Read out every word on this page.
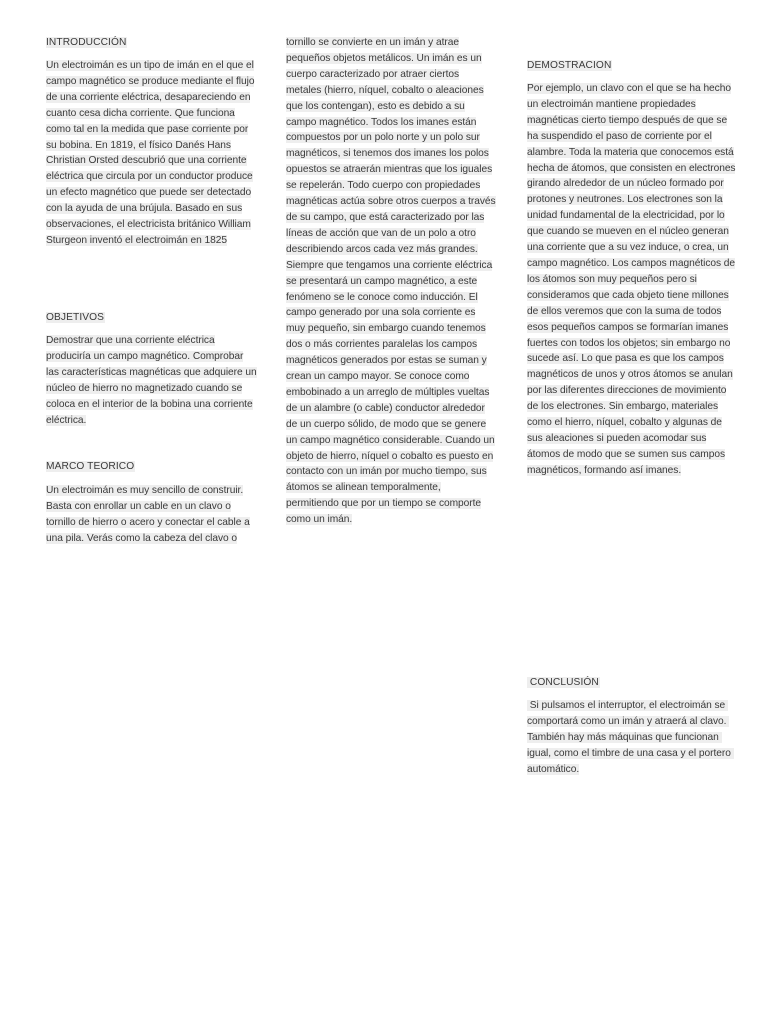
INTRODUCCIÓN

Un electroimán es un tipo de imán en el que el campo magnético se produce mediante el flujo de una corriente eléctrica, desapareciendo en cuanto cesa dicha corriente. Que funciona como tal en la medida que pase corriente por su bobina. En 1819, el físico Danés Hans Christian Orsted descubrió que una corriente eléctrica que circula por un conductor produce un efecto magnético que puede ser detectado con la ayuda de una brújula. Basado en sus observaciones, el electricista británico William Sturgeon inventó el electroimán en 1825

OBJETIVOS

Demostrar que una corriente eléctrica produciría un campo magnético. Comprobar las características magnéticas que adquiere un núcleo de hierro no magnetizado cuando se coloca en el interior de la bobina una corriente eléctrica.

MARCO TEORICO

Un electroimán es muy sencillo de construir. Basta con enrollar un cable en un clavo o tornillo de hierro o acero y conectar el cable a una pila. Verás como la cabeza del clavo o

tornillo se convierte en un imán y atrae pequeños objetos metálicos. Un imán es un cuerpo caracterizado por atraer ciertos metales (hierro, níquel, cobalto o aleaciones que los contengan), esto es debido a su campo magnético. Todos los imanes están compuestos por un polo norte y un polo sur magnéticos, si tenemos dos imanes los polos opuestos se atraerán mientras que los iguales se repelerán. Todo cuerpo con propiedades magnéticas actúa sobre otros cuerpos a través de su campo, que está caracterizado por las líneas de acción que van de un polo a otro describiendo arcos cada vez más grandes. Siempre que tengamos una corriente eléctrica se presentará un campo magnético, a este fenómeno se le conoce como inducción. El campo generado por una sola corriente es muy pequeño, sin embargo cuando tenemos dos o más corrientes paralelas los campos magnéticos generados por estas se suman y crean un campo mayor. Se conoce como embobinado a un arreglo de múltiples vueltas de un alambre (o cable) conductor alrededor de un cuerpo sólido, de modo que se genere un campo magnético considerable. Cuando un objeto de hierro, níquel o cobalto es puesto en contacto con un imán por mucho tiempo, sus átomos se alinean temporalmente, permitiendo que por un tiempo se comporte como un imán.

DEMOSTRACION

Por ejemplo, un clavo con el que se ha hecho un electroimán mantiene propiedades magnéticas cierto tiempo después de que se ha suspendido el paso de corriente por el alambre. Toda la materia que conocemos está hecha de átomos, que consisten en electrones girando alrededor de un núcleo formado por protones y neutrones. Los electrones son la unidad fundamental de la electricidad, por lo que cuando se mueven en el núcleo generan una corriente que a su vez induce, o crea, un campo magnético. Los campos magnéticos de los átomos son muy pequeños pero si consideramos que cada objeto tiene millones de ellos veremos que con la suma de todos esos pequeños campos se formarían imanes fuertes con todos los objetos; sin embargo no sucede así. Lo que pasa es que los campos magnéticos de unos y otros átomos se anulan por las diferentes direcciones de movimiento de los electrones. Sin embargo, materiales como el hierro, níquel, cobalto y algunas de sus aleaciones si pueden acomodar sus átomos de modo que se sumen sus campos magnéticos, formando así imanes.

CONCLUSIÓN

Si pulsamos el interruptor, el electroimán se comportará como un imán y atraerá al clavo. También hay más máquinas que funcionan igual, como el timbre de una casa y el portero automático.
